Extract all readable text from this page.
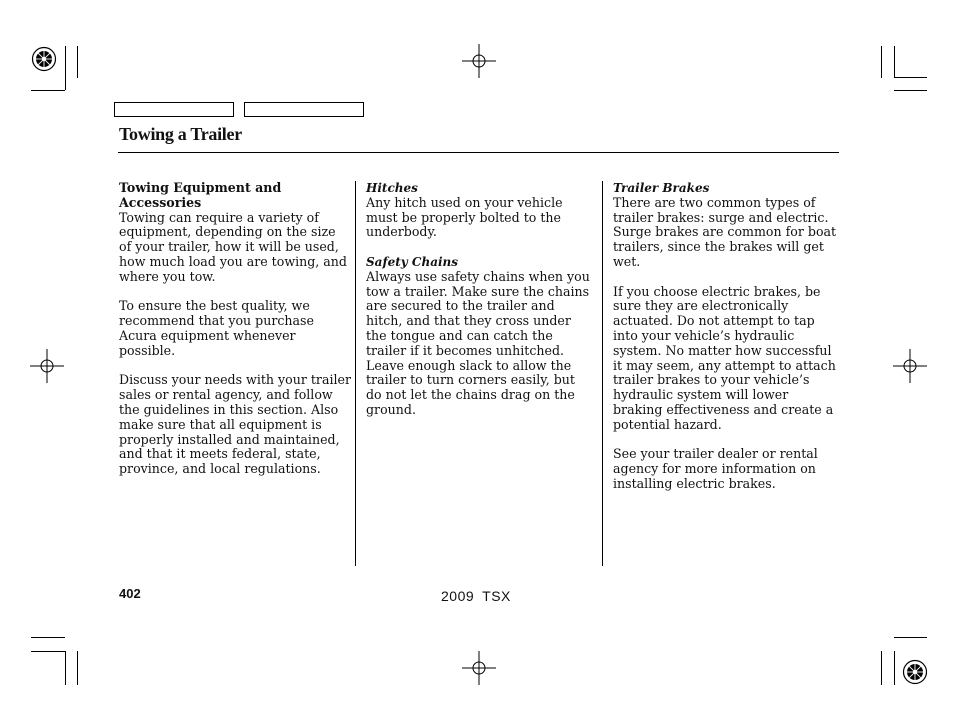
Towing a Trailer

Towing Equipment and Accessories

Towing can require a variety of equipment, depending on the size of your trailer, how it will be used, how much load you are towing, and where you tow.

To ensure the best quality, we recommend that you purchase Acura equipment whenever possible.

Discuss your needs with your trailer sales or rental agency, and follow the guidelines in this section. Also make sure that all equipment is properly installed and maintained, and that it meets federal, state, province, and local regulations.

Hitches

Any hitch used on your vehicle must be properly bolted to the underbody.

Safety Chains

Always use safety chains when you tow a trailer. Make sure the chains are secured to the trailer and hitch, and that they cross under the tongue and can catch the trailer if it becomes unhitched. Leave enough slack to allow the trailer to turn corners easily, but do not let the chains drag on the ground.

Trailer Brakes

There are two common types of trailer brakes: surge and electric. Surge brakes are common for boat trailers, since the brakes will get wet.

If you choose electric brakes, be sure they are electronically actuated. Do not attempt to tap into your vehicle’s hydraulic system. No matter how successful it may seem, any attempt to attach trailer brakes to your vehicle’s hydraulic system will lower braking effectiveness and create a potential hazard.

See your trailer dealer or rental agency for more information on installing electric brakes.

402	2009 TSX
